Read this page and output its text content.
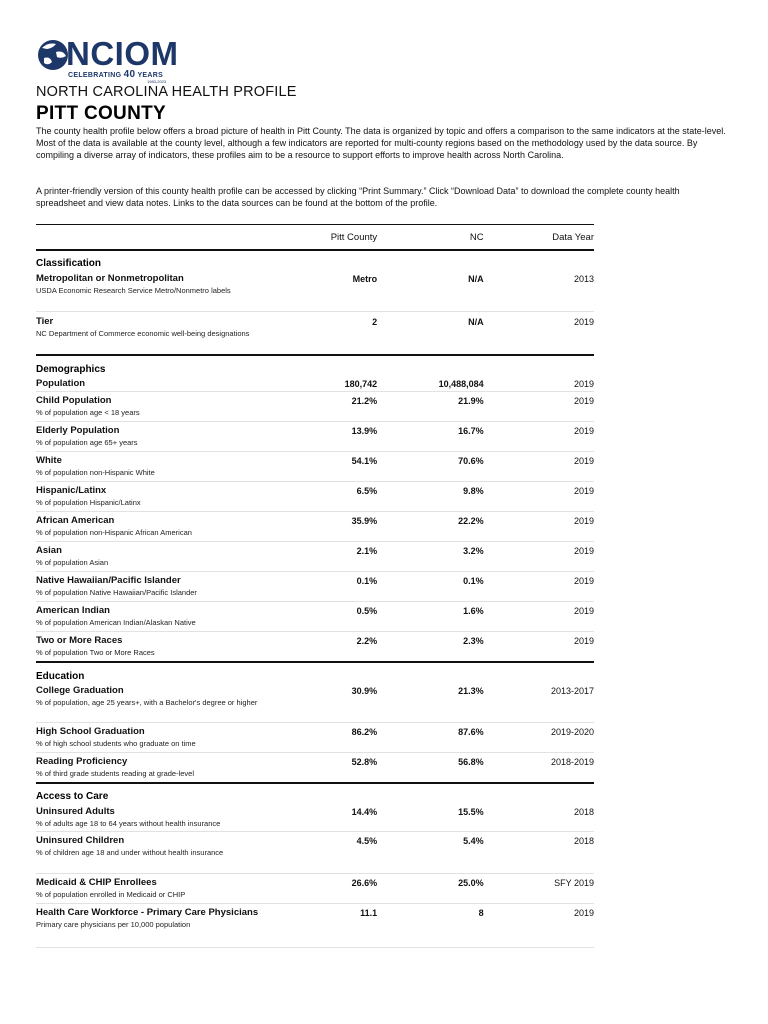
NCIOM
CELEBRATING 40 YEARS
1983-2023
NORTH CAROLINA HEALTH PROFILE
PITT COUNTY
The county health profile below offers a broad picture of health in Pitt County. The data is organized by topic and offers a comparison to the same indicators at the state-level. Most of the data is available at the county level, although a few indicators are reported for multi-county regions based on the methodology used by the data source. By compiling a diverse array of indicators, these profiles aim to be a resource to support efforts to improve health across North Carolina.
A printer-friendly version of this county health profile can be accessed by clicking “Print Summary.” Click “Download Data” to download the complete county health spreadsheet and view data notes. Links to the data sources can be found at the bottom of the profile.
Pitt County	NC	Data Year
Classification
Metropolitan or Nonmetropolitan
USDA Economic Research Service Metro/Nonmetro labels
Metro	N/A	2013
Tier
NC Department of Commerce economic well-being designations
2	N/A	2019
Demographics
Population	180,742	10,488,084	2019
Child Population
% of population age < 18 years
21.2%	21.9%	2019
Elderly Population
% of population age 65+ years
13.9%	16.7%	2019
White
% of population non-Hispanic White
54.1%	70.6%	2019
Hispanic/Latinx
% of population Hispanic/Latinx
6.5%	9.8%	2019
African American
% of population non-Hispanic African American
35.9%	22.2%	2019
Asian
% of population Asian
2.1%	3.2%	2019
Native Hawaiian/Pacific Islander
% of population Native Hawaiian/Pacific Islander
0.1%	0.1%	2019
American Indian
% of population American Indian/Alaskan Native
0.5%	1.6%	2019
Two or More Races
% of population Two or More Races
2.2%	2.3%	2019
Education
College Graduation
% of population, age 25 years+, with a Bachelor's degree or higher
30.9%	21.3%	2013-2017
High School Graduation
% of high school students who graduate on time
86.2%	87.6%	2019-2020
Reading Proficiency
% of third grade students reading at grade-level
52.8%	56.8%	2018-2019
Access to Care
Uninsured Adults
% of adults age 18 to 64 years without health insurance
14.4%	15.5%	2018
Uninsured Children
% of children age 18 and under without health insurance
4.5%	5.4%	2018
Medicaid & CHIP Enrollees
% of population enrolled in Medicaid or CHIP
26.6%	25.0%	SFY 2019
Health Care Workforce - Primary Care Physicians
Primary care physicians per 10,000 population
11.1	8	2019
